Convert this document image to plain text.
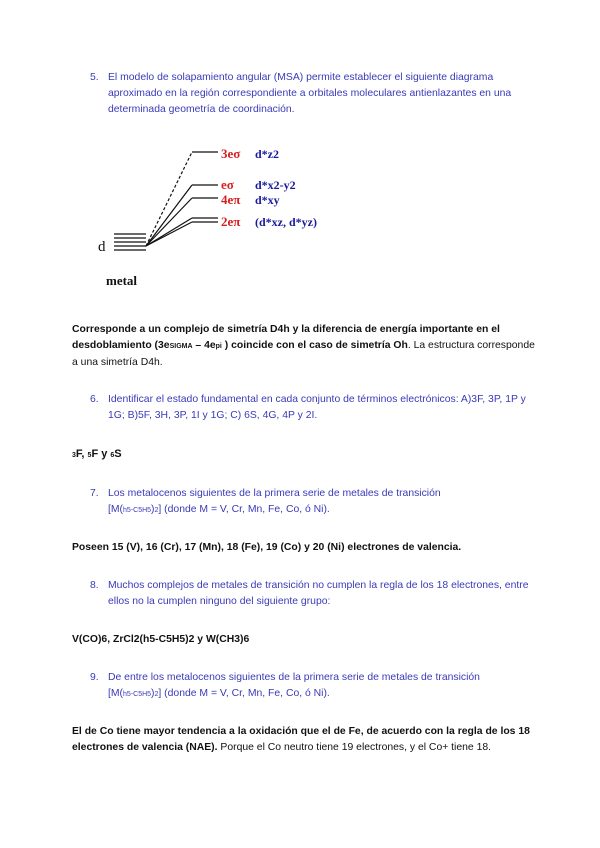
5. El modelo de solapamiento angular (MSA) permite establecer el siguiente diagrama aproximado en la región correspondiente a orbitales moleculares antienlazantes en una determinada geometría de coordinación.
d
metal
3eσ d*z2
eσ d*x2-y2
4eπ d*xy
2eπ (d*xz, d*yz)
Corresponde a un complejo de simetría D4h y la diferencia de energía importante en el desdoblamiento (3eSIGMA – 4epi ) coincide con el caso de simetría Oh. La estructura corresponde a una simetría D4h.
6. Identificar el estado fundamental en cada conjunto de términos electrónicos: A)3F, 3P, 1P y 1G; B)5F, 3H, 3P, 1I y 1G; C) 6S, 4G, 4P y 2I.
3F, 5F y 6S
7. Los metalocenos siguientes de la primera serie de metales de transición
[M(h5-C5H5)2] (donde M = V, Cr, Mn, Fe, Co, ó Ni).
Poseen 15 (V), 16 (Cr), 17 (Mn), 18 (Fe), 19 (Co) y 20 (Ni) electrones de valencia.
8. Muchos complejos de metales de transición no cumplen la regla de los 18 electrones, entre ellos no la cumplen ninguno del siguiente grupo:
V(CO)6, ZrCl2(h5-C5H5)2 y W(CH3)6
9. De entre los metalocenos siguientes de la primera serie de metales de transición
[M(h5-C5H5)2] (donde M = V, Cr, Mn, Fe, Co, ó Ni).
El de Co tiene mayor tendencia a la oxidación que el de Fe, de acuerdo con la regla de los 18 electrones de valencia (NAE). Porque el Co neutro tiene 19 electrones, y el Co+ tiene 18.
